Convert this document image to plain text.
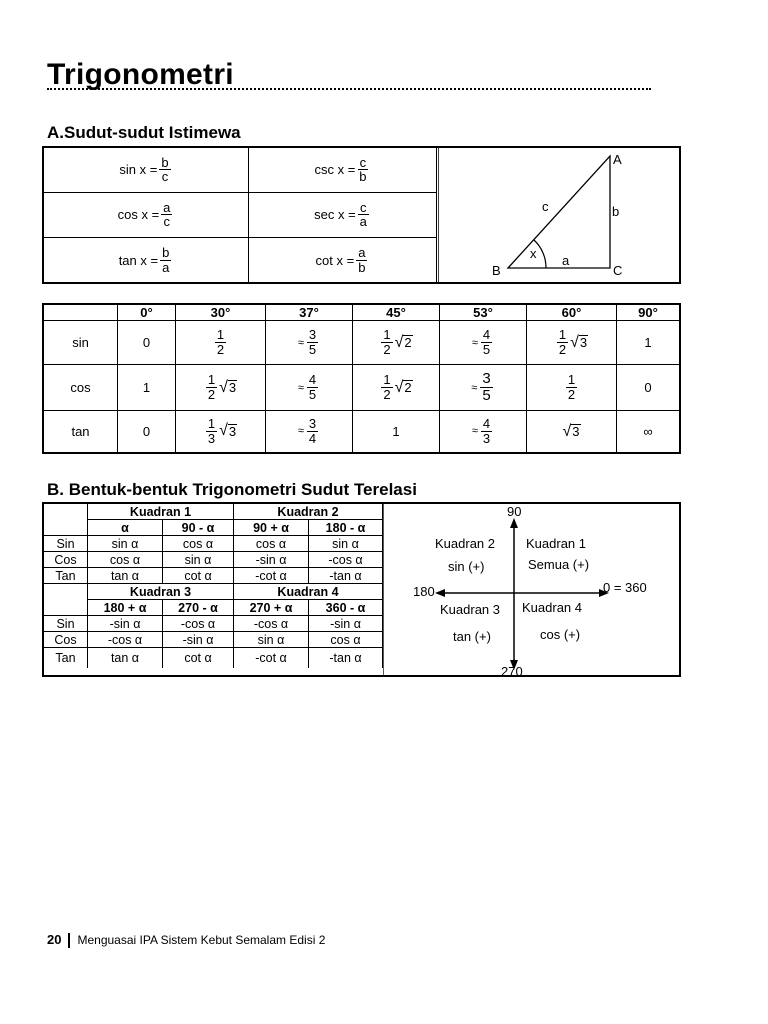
Trigonometri
A.Sudut-sudut Istimewa
$\sin x = \frac{b}{c}$	$\csc x = \frac{c}{b}$

$\cos x = \frac{a}{c}$	$\sec x = \frac{c}{a}$

$\tan x = \frac{b}{a}$	$\cot x = \frac{a}{b}$
A
B	C
c	b
a
x
	0°	30°	37°	45°	53°	60°	90°
sin	0	$\frac{1}{2}$	≈ $\frac{3}{5}$	$\frac{1}{2}$ √ 2	≈ $\frac{4}{5}$	$\frac{1}{2}$ √ 3	1
cos	1	$\frac{1}{2}$ √ 3	≈ $\frac{4}{5}$	$\frac{1}{2}$ √ 2	≈ $\frac{3}{5}$	$\frac{1}{2}$	0
tan	0	$\frac{1}{3}$ √ 3	≈ $\frac{3}{4}$	1	≈ $\frac{4}{3}$	√ 3	∞
B. Bentuk-bentuk Trigonometri Sudut Terelasi
	Kuadran 1		Kuadran 2	
	α	90 - α	90 + α	180 - α
Sin	sin α	cos α	cos α	sin α
Cos	cos α	sin α	-sin α	-cos α
Tan	tan α	cot α	-cot α	-tan α
	Kuadran 3		Kuadran 4	
	180 + α	270 - α	270 + α	360 - α
Sin	-sin α	-cos α	-cos α	-sin α
Cos	-cos α	-sin α	sin α	cos α
Tan	tan α	cot α	-cot α	-tan α
90
270
180	0 = 360
Kuadran 2
sin (+)
Kuadran 1
Semua (+)
Kuadran 3
tan (+)
Kuadran 4
cos (+)
20 Menguasai IPA Sistem Kebut Semalam Edisi 2
